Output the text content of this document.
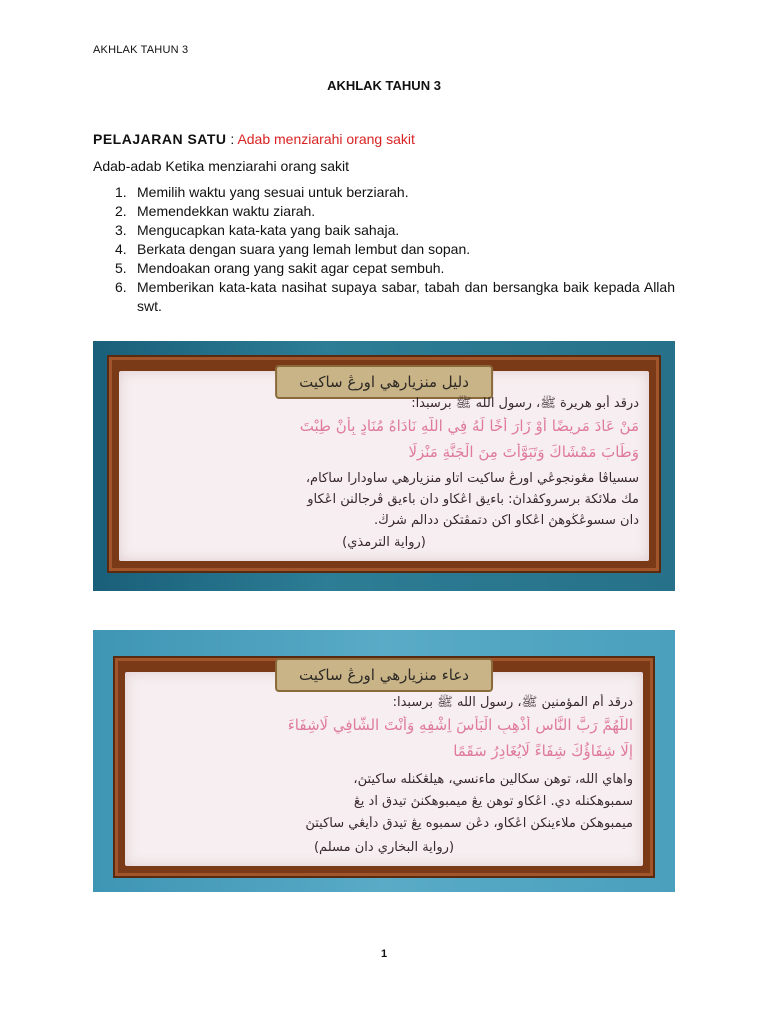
AKHLAK TAHUN 3
AKHLAK TAHUN 3
PELAJARAN SATU : Adab menziarahi orang sakit
Adab-adab Ketika menziarahi orang sakit
1. Memilih waktu yang sesuai untuk berziarah.
2. Memendekkan waktu ziarah.
3. Mengucapkan kata-kata yang baik sahaja.
4. Berkata dengan suara yang lemah lembut dan sopan.
5. Mendoakan orang yang sakit agar cepat sembuh.
6. Memberikan kata-kata nasihat supaya sabar, tabah dan bersangka baik kepada Allah swt.
دليل منزيارهي اورڠ ساكيت
درقد أبو هريرة ﷺ، رسول الله ﷺ برسبدا:
مَنْ عَادَ مَرِيضًا أَوْ زَارَ أَخًا لَهُ فِي اللَّهِ نَادَاهُ مُنَادٍ بِأَنْ طِبْتَ
وَطَابَ مَمْشَاكَ وَتَبَوَّأْتَ مِنَ الْجَنَّةِ مَنْزِلًا
سسياڤا مڠونجوڠي اورڠ ساكيت اتاو منزيارهي ساودارا سأكام،
مك ملائكة برسروكڤداڽ: باءيق اڠكاو دان باءيق ڤرجالنن اڠكاو
دان سسوڠڬوهڽ اڠكاو اكن دتمڤتكن ددالم شرڬ.
(رواية الترمذي)
دعاء منزيارهي اورڠ ساكيت
درقد أم المؤمنين ﷺ، رسول الله ﷺ برسبدا:
اللَّهُمَّ رَبَّ النَّاسِ أَذْهِبِ الْبَأْسَ اِشْفِهِ وَأَنْتَ الشَّافِي لَاشِفَاءَ
إِلَّا شِفَاؤُكَ شِفَاءً لَايُغَادِرُ سَقَمًا
واهاي الله، توهن سكالين ماءنسي، هيلڠكنله ساكيتڽ،
سمبوهكنله دي. اڠكاو توهن يڠ ميمبوهكنڽ تيدق اد يڠ
ميمبوهكن ملاءينكن اڠكاو، دڠن سمبوه يڠ تيدق دأيڠي ساكيتڽ
(رواية البخاري دان مسلم)
1
